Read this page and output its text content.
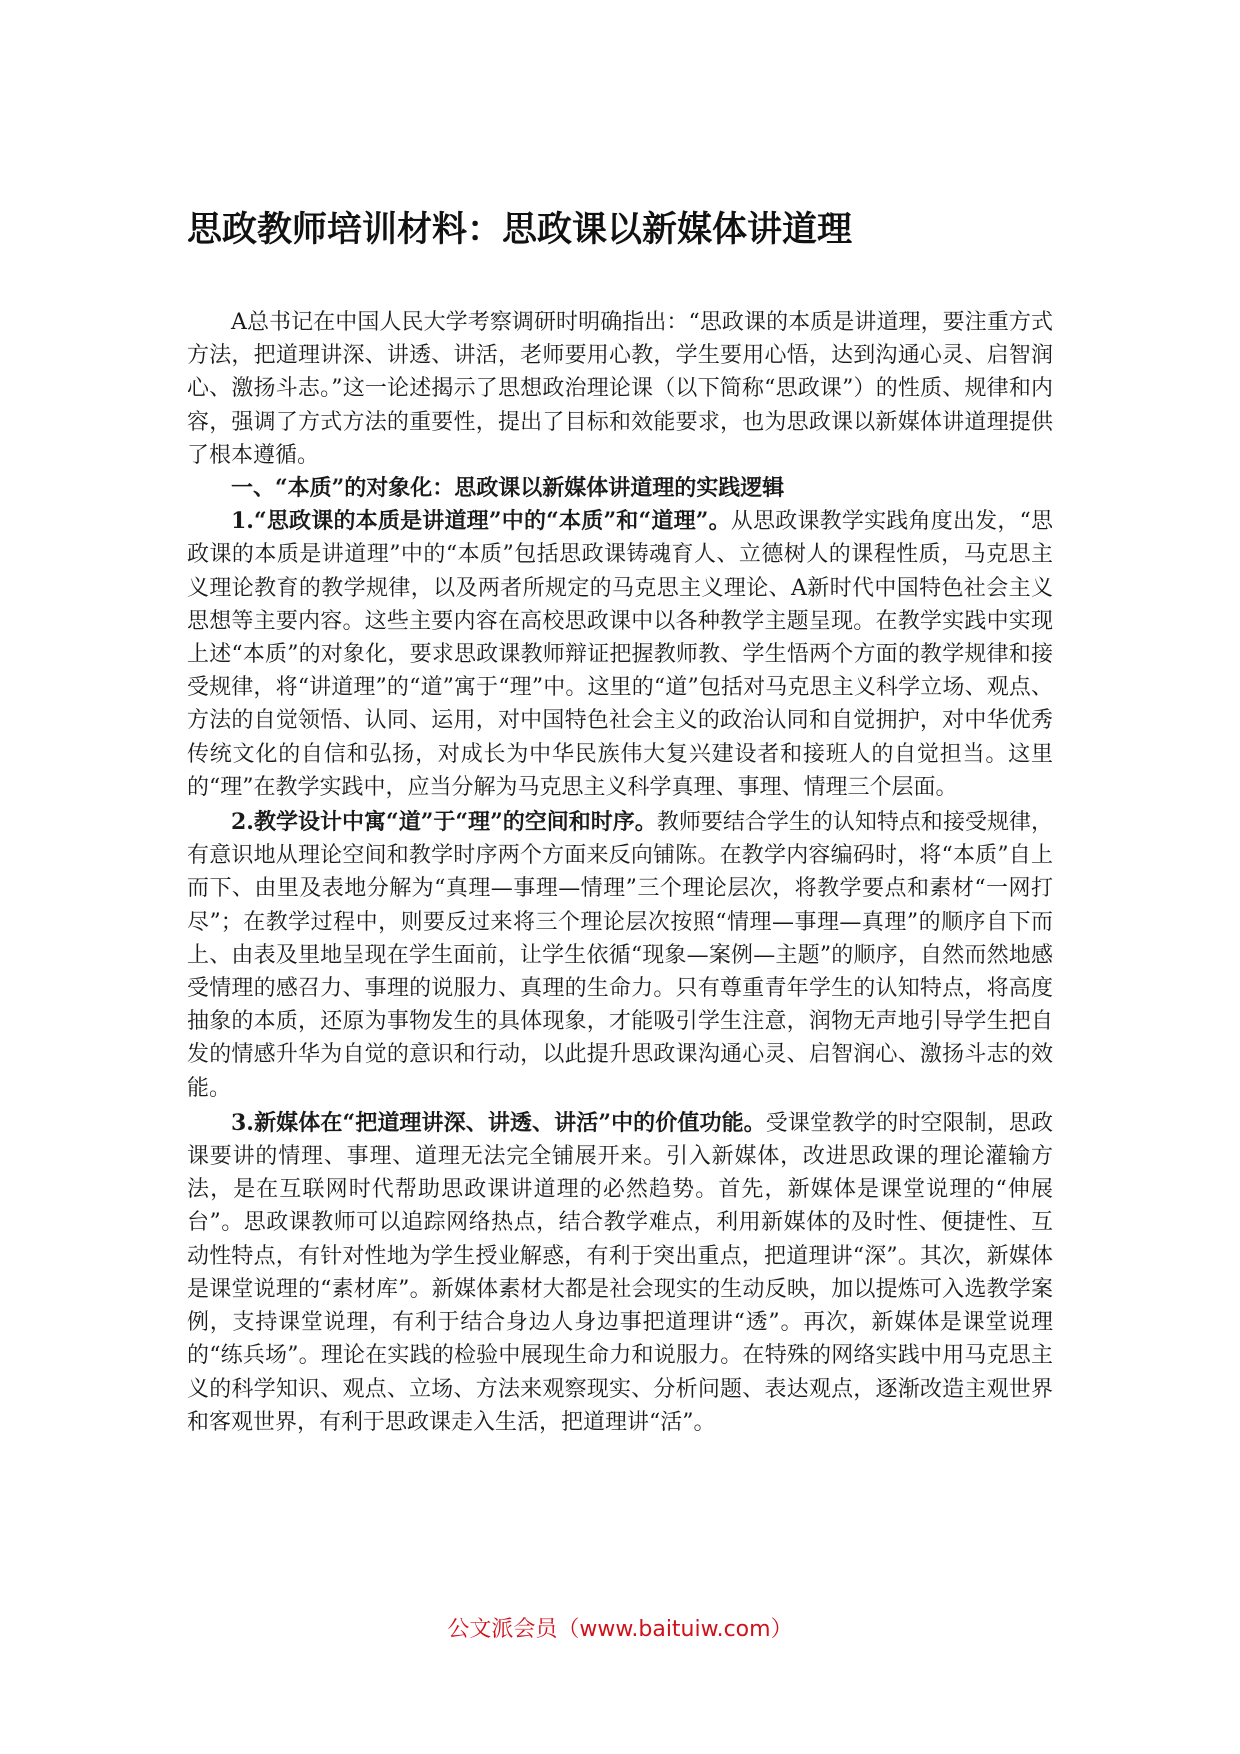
思政教师培训材料：思政课以新媒体讲道理

A总书记在中国人民大学考察调研时明确指出：“思政课的本质是讲道理，要注重方式方法，把道理讲深、讲透、讲活，老师要用心教，学生要用心悟，达到沟通心灵、启智润心、激扬斗志。”这一论述揭示了思想政治理论课（以下简称“思政课”）的性质、规律和内容，强调了方式方法的重要性，提出了目标和效能要求，也为思政课以新媒体讲道理提供了根本遵循。

一、“本质”的对象化：思政课以新媒体讲道理的实践逻辑

1.“思政课的本质是讲道理”中的“本质”和“道理”。从思政课教学实践角度出发，“思政课的本质是讲道理”中的“本质”包括思政课铸魂育人、立德树人的课程性质，马克思主义理论教育的教学规律，以及两者所规定的马克思主义理论、A新时代中国特色社会主义思想等主要内容。这些主要内容在高校思政课中以各种教学主题呈现。在教学实践中实现上述“本质”的对象化，要求思政课教师辩证把握教师教、学生悟两个方面的教学规律和接受规律，将“讲道理”的“道”寓于“理”中。这里的“道”包括对马克思主义科学立场、观点、方法的自觉领悟、认同、运用，对中国特色社会主义的政治认同和自觉拥护，对中华优秀传统文化的自信和弘扬，对成长为中华民族伟大复兴建设者和接班人的自觉担当。这里的“理”在教学实践中，应当分解为马克思主义科学真理、事理、情理三个层面。

2.教学设计中寓“道”于“理”的空间和时序。教师要结合学生的认知特点和接受规律，有意识地从理论空间和教学时序两个方面来反向铺陈。在教学内容编码时，将“本质”自上而下、由里及表地分解为“真理—事理—情理”三个理论层次，将教学要点和素材“一网打尽”；在教学过程中，则要反过来将三个理论层次按照“情理—事理—真理”的顺序自下而上、由表及里地呈现在学生面前，让学生依循“现象—案例—主题”的顺序，自然而然地感受情理的感召力、事理的说服力、真理的生命力。只有尊重青年学生的认知特点，将高度抽象的本质，还原为事物发生的具体现象，才能吸引学生注意，润物无声地引导学生把自发的情感升华为自觉的意识和行动，以此提升思政课沟通心灵、启智润心、激扬斗志的效能。

3.新媒体在“把道理讲深、讲透、讲活”中的价值功能。受课堂教学的时空限制，思政课要讲的情理、事理、道理无法完全铺展开来。引入新媒体，改进思政课的理论灌输方法，是在互联网时代帮助思政课讲道理的必然趋势。首先，新媒体是课堂说理的“伸展台”。思政课教师可以追踪网络热点，结合教学难点，利用新媒体的及时性、便捷性、互动性特点，有针对性地为学生授业解惑，有利于突出重点，把道理讲“深”。其次，新媒体是课堂说理的“素材库”。新媒体素材大都是社会现实的生动反映，加以提炼可入选教学案例，支持课堂说理，有利于结合身边人身边事把道理讲“透”。再次，新媒体是课堂说理的“练兵场”。理论在实践的检验中展现生命力和说服力。在特殊的网络实践中用马克思主义的科学知识、观点、立场、方法来观察现实、分析问题、表达观点，逐渐改造主观世界和客观世界，有利于思政课走入生活，把道理讲“活”。

公文派会员（www.baituiw.com）
